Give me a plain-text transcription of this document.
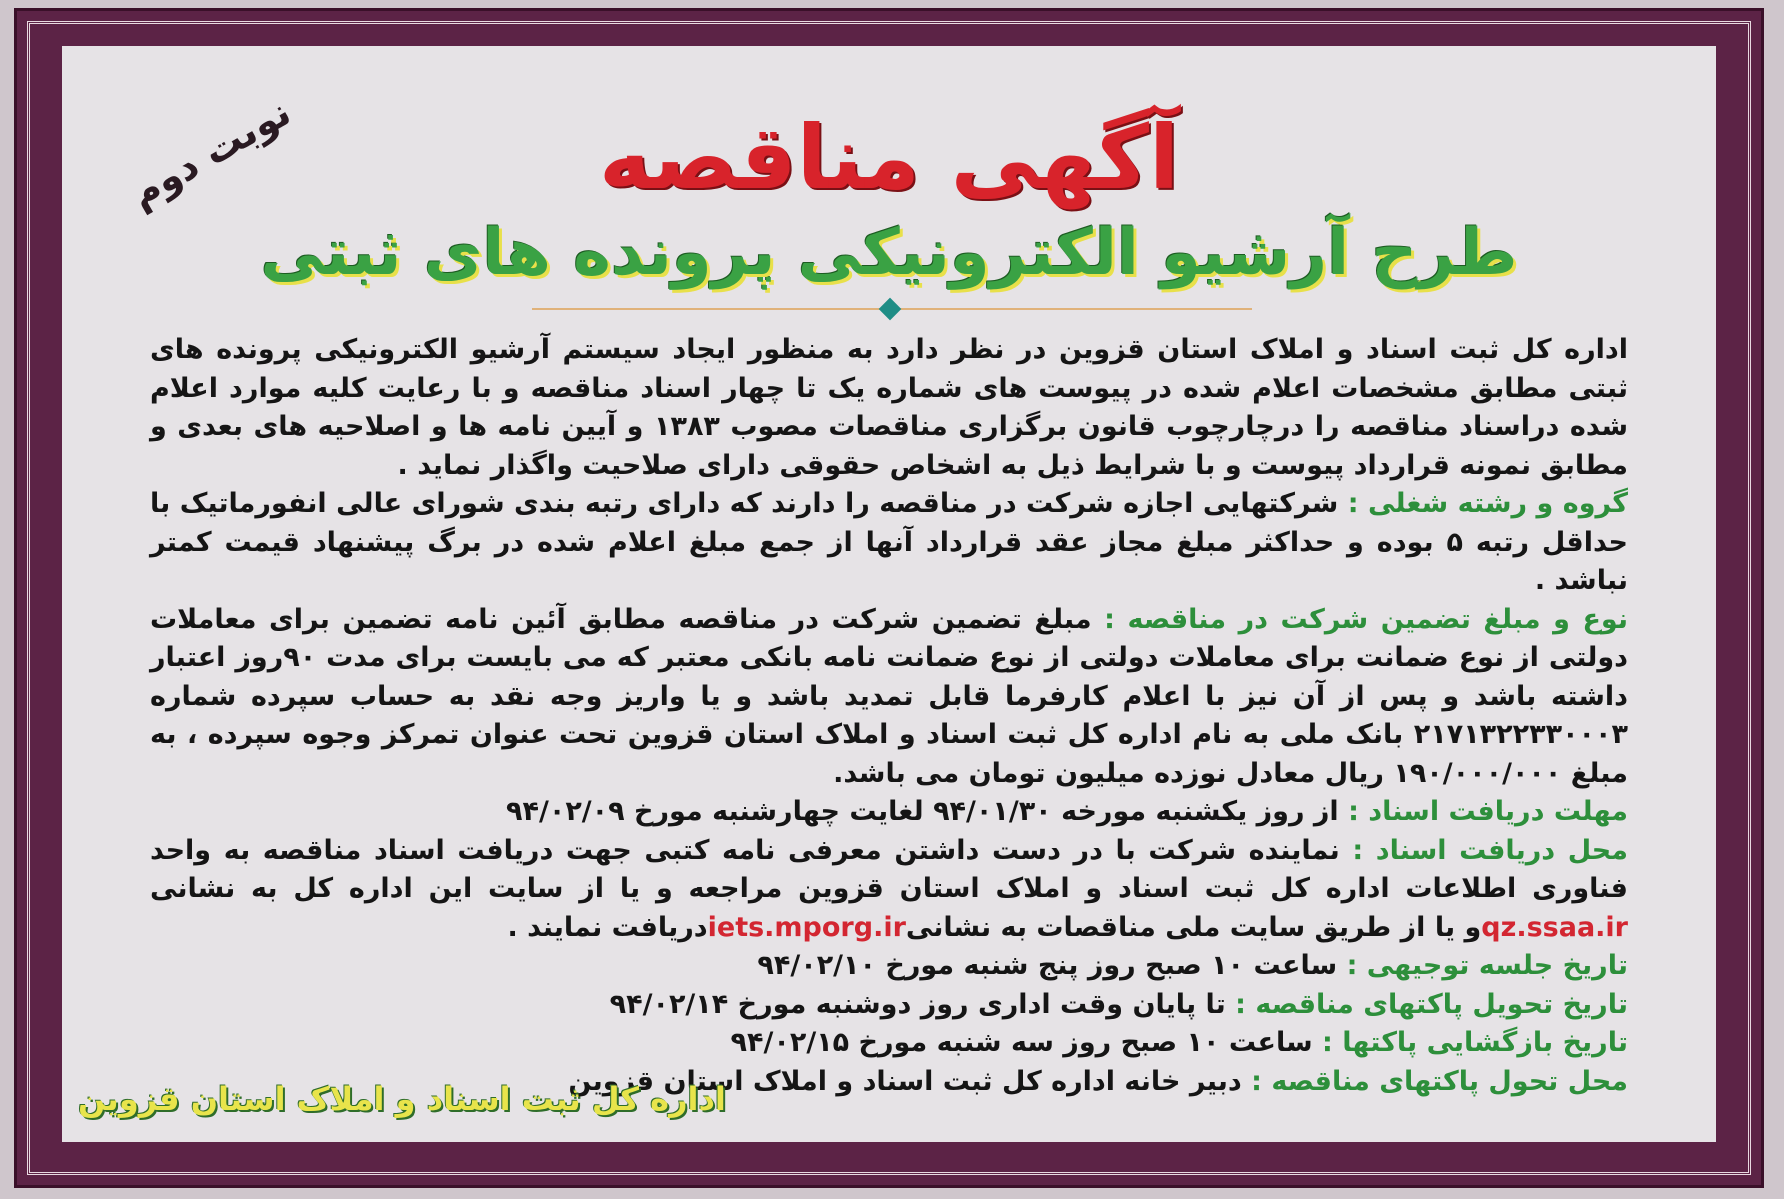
نوبت دوم	آگهی مناقصه
طرح آرشیو الکترونیکی پرونده های ثبتی

اداره کل ثبت اسناد و املاک استان قزوین در نظر دارد به منظور ایجاد سیستم آرشیو الکترونیکی پرونده های ثبتی مطابق مشخصات اعلام شده در پیوست های شماره یک تا چهار اسناد مناقصه و با رعایت کلیه موارد اعلام شده دراسناد مناقصه را درچارچوب قانون برگزاری مناقصات مصوب ۱۳۸۳ و آیین نامه ها و اصلاحیه های بعدی و مطابق نمونه قرارداد پیوست و با شرایط ذیل به اشخاص حقوقی دارای صلاحیت واگذار نماید .

گروه و رشته شغلی : شرکتهایی اجازه شرکت در مناقصه را دارند که دارای رتبه بندی شورای عالی انفورماتیک با حداقل رتبه ۵ بوده و حداکثر مبلغ مجاز عقد قرارداد آنها از جمع مبلغ اعلام شده در برگ پیشنهاد قیمت کمتر نباشد .

نوع و مبلغ تضمین شرکت در مناقصه : مبلغ تضمین شرکت در مناقصه مطابق آئین نامه تضمین برای معاملات دولتی از نوع ضمانت برای معاملات دولتی از نوع ضمانت نامه بانکی معتبر که می بایست برای مدت ۹۰روز اعتبار داشته باشد و پس از آن نیز با اعلام کارفرما قابل تمدید باشد و یا واریز وجه نقد به حساب سپرده شماره ۲۱۷۱۳۲۲۳۳۰۰۰۳ بانک ملی به نام اداره کل ثبت اسناد و املاک استان قزوین تحت عنوان تمرکز وجوه سپرده ، به مبلغ ۱۹۰/۰۰۰/۰۰۰ ریال معادل نوزده میلیون تومان می باشد.

مهلت دریافت اسناد : از روز یکشنبه مورخه ۹۴/۰۱/۳۰ لغایت چهارشنبه مورخ ۹۴/۰۲/۰۹

محل دریافت اسناد : نماینده شرکت با در دست داشتن معرفی نامه کتبی جهت دریافت اسناد مناقصه به واحد فناوری اطلاعات اداره کل ثبت اسناد و املاک استان قزوین مراجعه و یا از سایت این اداره کل به نشانی qz.ssaa.irو یا از طریق سایت ملی مناقصات به نشانیiets.mporg.irدریافت نمایند .

تاریخ جلسه توجیهی : ساعت ۱۰ صبح روز پنج شنبه مورخ ۹۴/۰۲/۱۰

تاریخ تحویل پاکتهای مناقصه : تا پایان وقت اداری روز دوشنبه مورخ ۹۴/۰۲/۱۴

تاریخ بازگشایی پاکتها : ساعت ۱۰ صبح روز سه شنبه مورخ ۹۴/۰۲/۱۵

محل تحول پاکتهای مناقصه : دبیر خانه اداره کل ثبت اسناد و املاک استان قزوین

اداره کل ثبت اسناد و املاک استان قزوین
